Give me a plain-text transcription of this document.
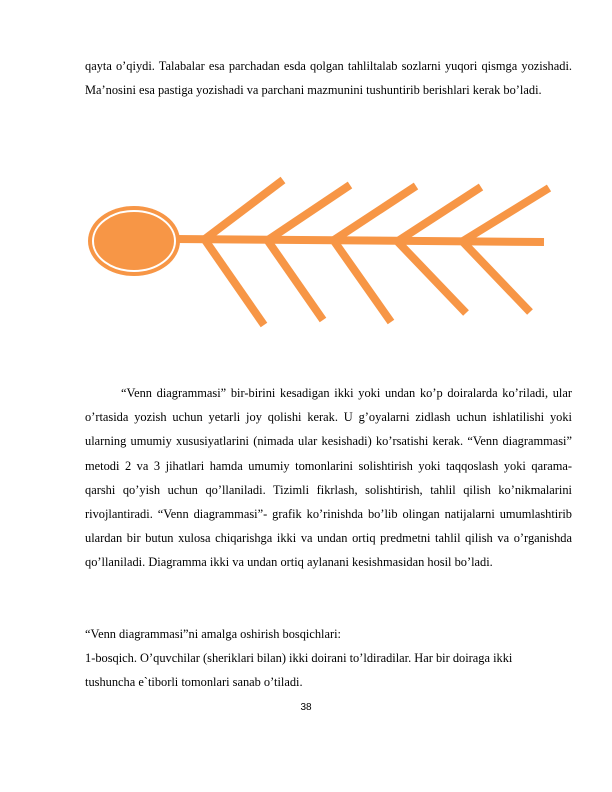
qayta o’qiydi. Talabalar esa parchadan esda qolgan tahliltalab sozlarni yuqori qismga yozishadi. Ma’nosini esa pastiga yozishadi va parchani mazmunini tushuntirib berishlari kerak bo’ladi.

“Venn diagrammasi” bir-birini kesadigan ikki yoki undan ko’p doiralarda ko’riladi, ular o’rtasida yozish uchun yetarli joy qolishi kerak. U g’oyalarni zidlash uchun ishlatilishi yoki ularning umumiy xususiyatlarini (nimada ular kesishadi) ko’rsatishi kerak. “Venn diagrammasi” metodi 2 va 3 jihatlari hamda umumiy tomonlarini solishtirish yoki taqqoslash yoki qarama-qarshi qo’yish uchun qo’llaniladi. Tizimli fikrlash, solishtirish, tahlil qilish ko’nikmalarini rivojlantiradi. “Venn diagrammasi”- grafik ko’rinishda bo’lib olingan natijalarni umumlashtirib ulardan bir butun xulosa chiqarishga ikki va undan ortiq predmetni tahlil qilish va o’rganishda qo’llaniladi. Diagramma ikki va undan ortiq aylanani kesishmasidan hosil bo’ladi.

“Venn diagrammasi”ni amalga oshirish bosqichlari:

1-bosqich. O’quvchilar (sheriklari bilan) ikki doirani to’ldiradilar. Har bir doiraga ikki

tushuncha e`tiborli tomonlari sanab o’tiladi.

38
